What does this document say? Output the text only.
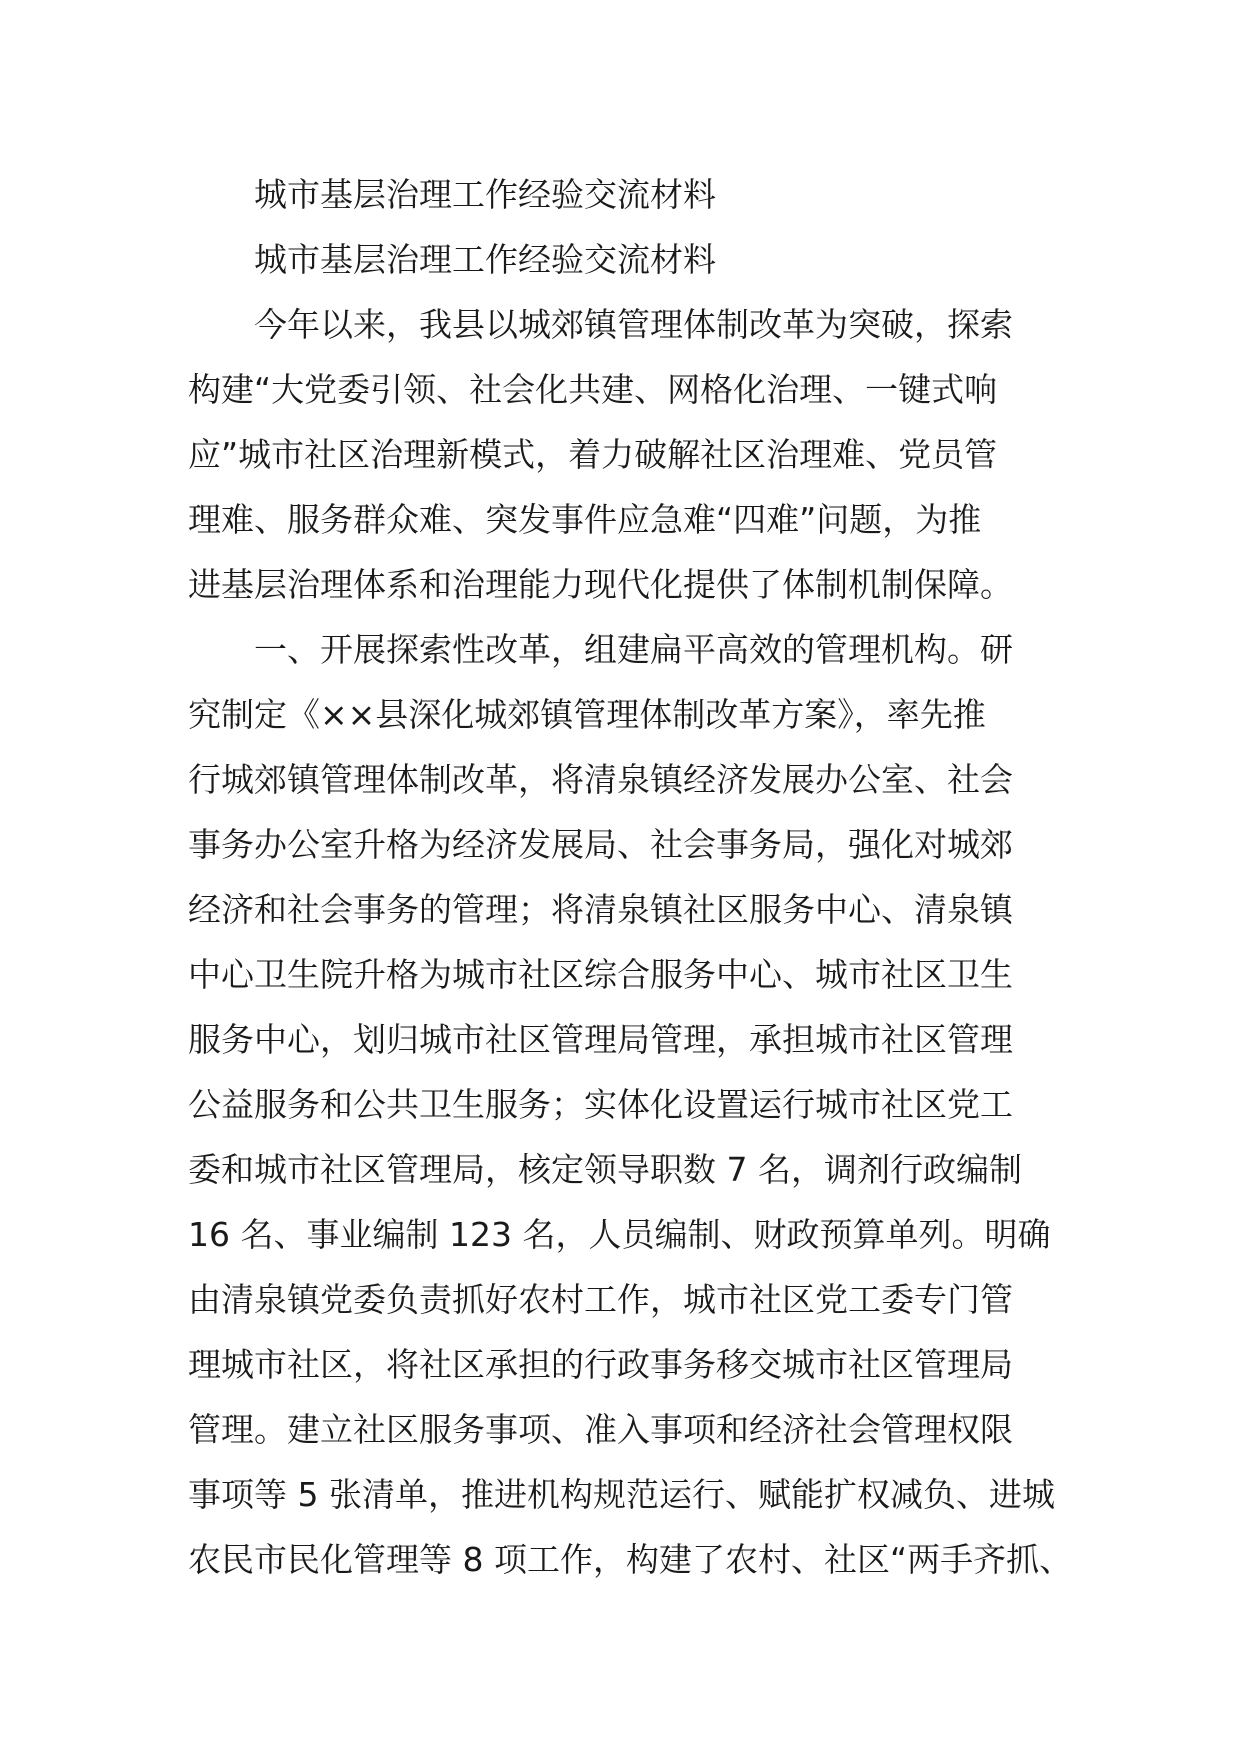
城市基层治理工作经验交流材料
城市基层治理工作经验交流材料
今年以来，我县以城郊镇管理体制改革为突破，探索
构建“大党委引领、社会化共建、网格化治理、一键式响
应”城市社区治理新模式，着力破解社区治理难、党员管
理难、服务群众难、突发事件应急难“四难”问题，为推
进基层治理体系和治理能力现代化提供了体制机制保障。
一、开展探索性改革，组建扁平高效的管理机构。研
究制定《××县深化城郊镇管理体制改革方案》，率先推
行城郊镇管理体制改革，将清泉镇经济发展办公室、社会
事务办公室升格为经济发展局、社会事务局，强化对城郊
经济和社会事务的管理；将清泉镇社区服务中心、清泉镇
中心卫生院升格为城市社区综合服务中心、城市社区卫生
服务中心，划归城市社区管理局管理，承担城市社区管理
公益服务和公共卫生服务；实体化设置运行城市社区党工
委和城市社区管理局，核定领导职数 7 名，调剂行政编制
16 名、事业编制 123 名，人员编制、财政预算单列。明确
由清泉镇党委负责抓好农村工作，城市社区党工委专门管
理城市社区，将社区承担的行政事务移交城市社区管理局
管理。建立社区服务事项、准入事项和经济社会管理权限
事项等 5 张清单，推进机构规范运行、赋能扩权减负、进城
农民市民化管理等 8 项工作，构建了农村、社区“两手齐抓、
